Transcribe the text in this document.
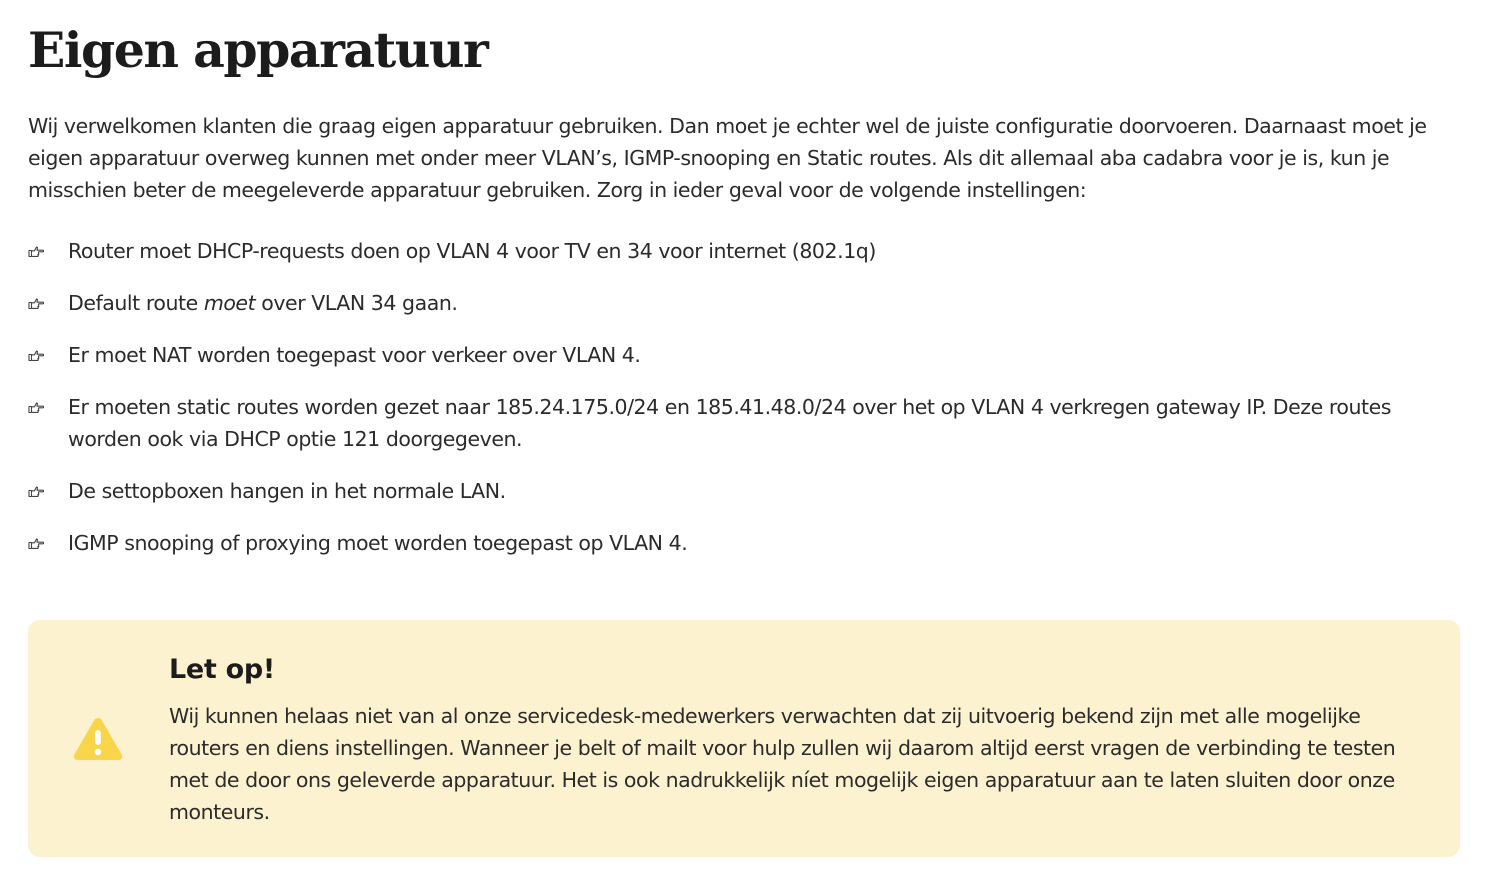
Eigen apparatuur

Wij verwelkomen klanten die graag eigen apparatuur gebruiken. Dan moet je echter wel de juiste configuratie doorvoeren. Daarnaast moet je eigen apparatuur overweg kunnen met onder meer VLAN’s, IGMP-snooping en Static routes. Als dit allemaal aba cadabra voor je is, kun je misschien beter de meegeleverde apparatuur gebruiken. Zorg in ieder geval voor de volgende instellingen:

Router moet DHCP-requests doen op VLAN 4 voor TV en 34 voor internet (802.1q)
Default route moet over VLAN 34 gaan.
Er moet NAT worden toegepast voor verkeer over VLAN 4.
Er moeten static routes worden gezet naar 185.24.175.0/24 en 185.41.48.0/24 over het op VLAN 4 verkregen gateway IP. Deze routes worden ook via DHCP optie 121 doorgegeven.
De settopboxen hangen in het normale LAN.
IGMP snooping of proxying moet worden toegepast op VLAN 4.
Let op!

Wij kunnen helaas niet van al onze servicedesk-medewerkers verwachten dat zij uitvoerig bekend zijn met alle mogelijke routers en diens instellingen. Wanneer je belt of mailt voor hulp zullen wij daarom altijd eerst vragen de verbinding te testen met de door ons geleverde apparatuur. Het is ook nadrukkelijk níet mogelijk eigen apparatuur aan te laten sluiten door onze monteurs.
